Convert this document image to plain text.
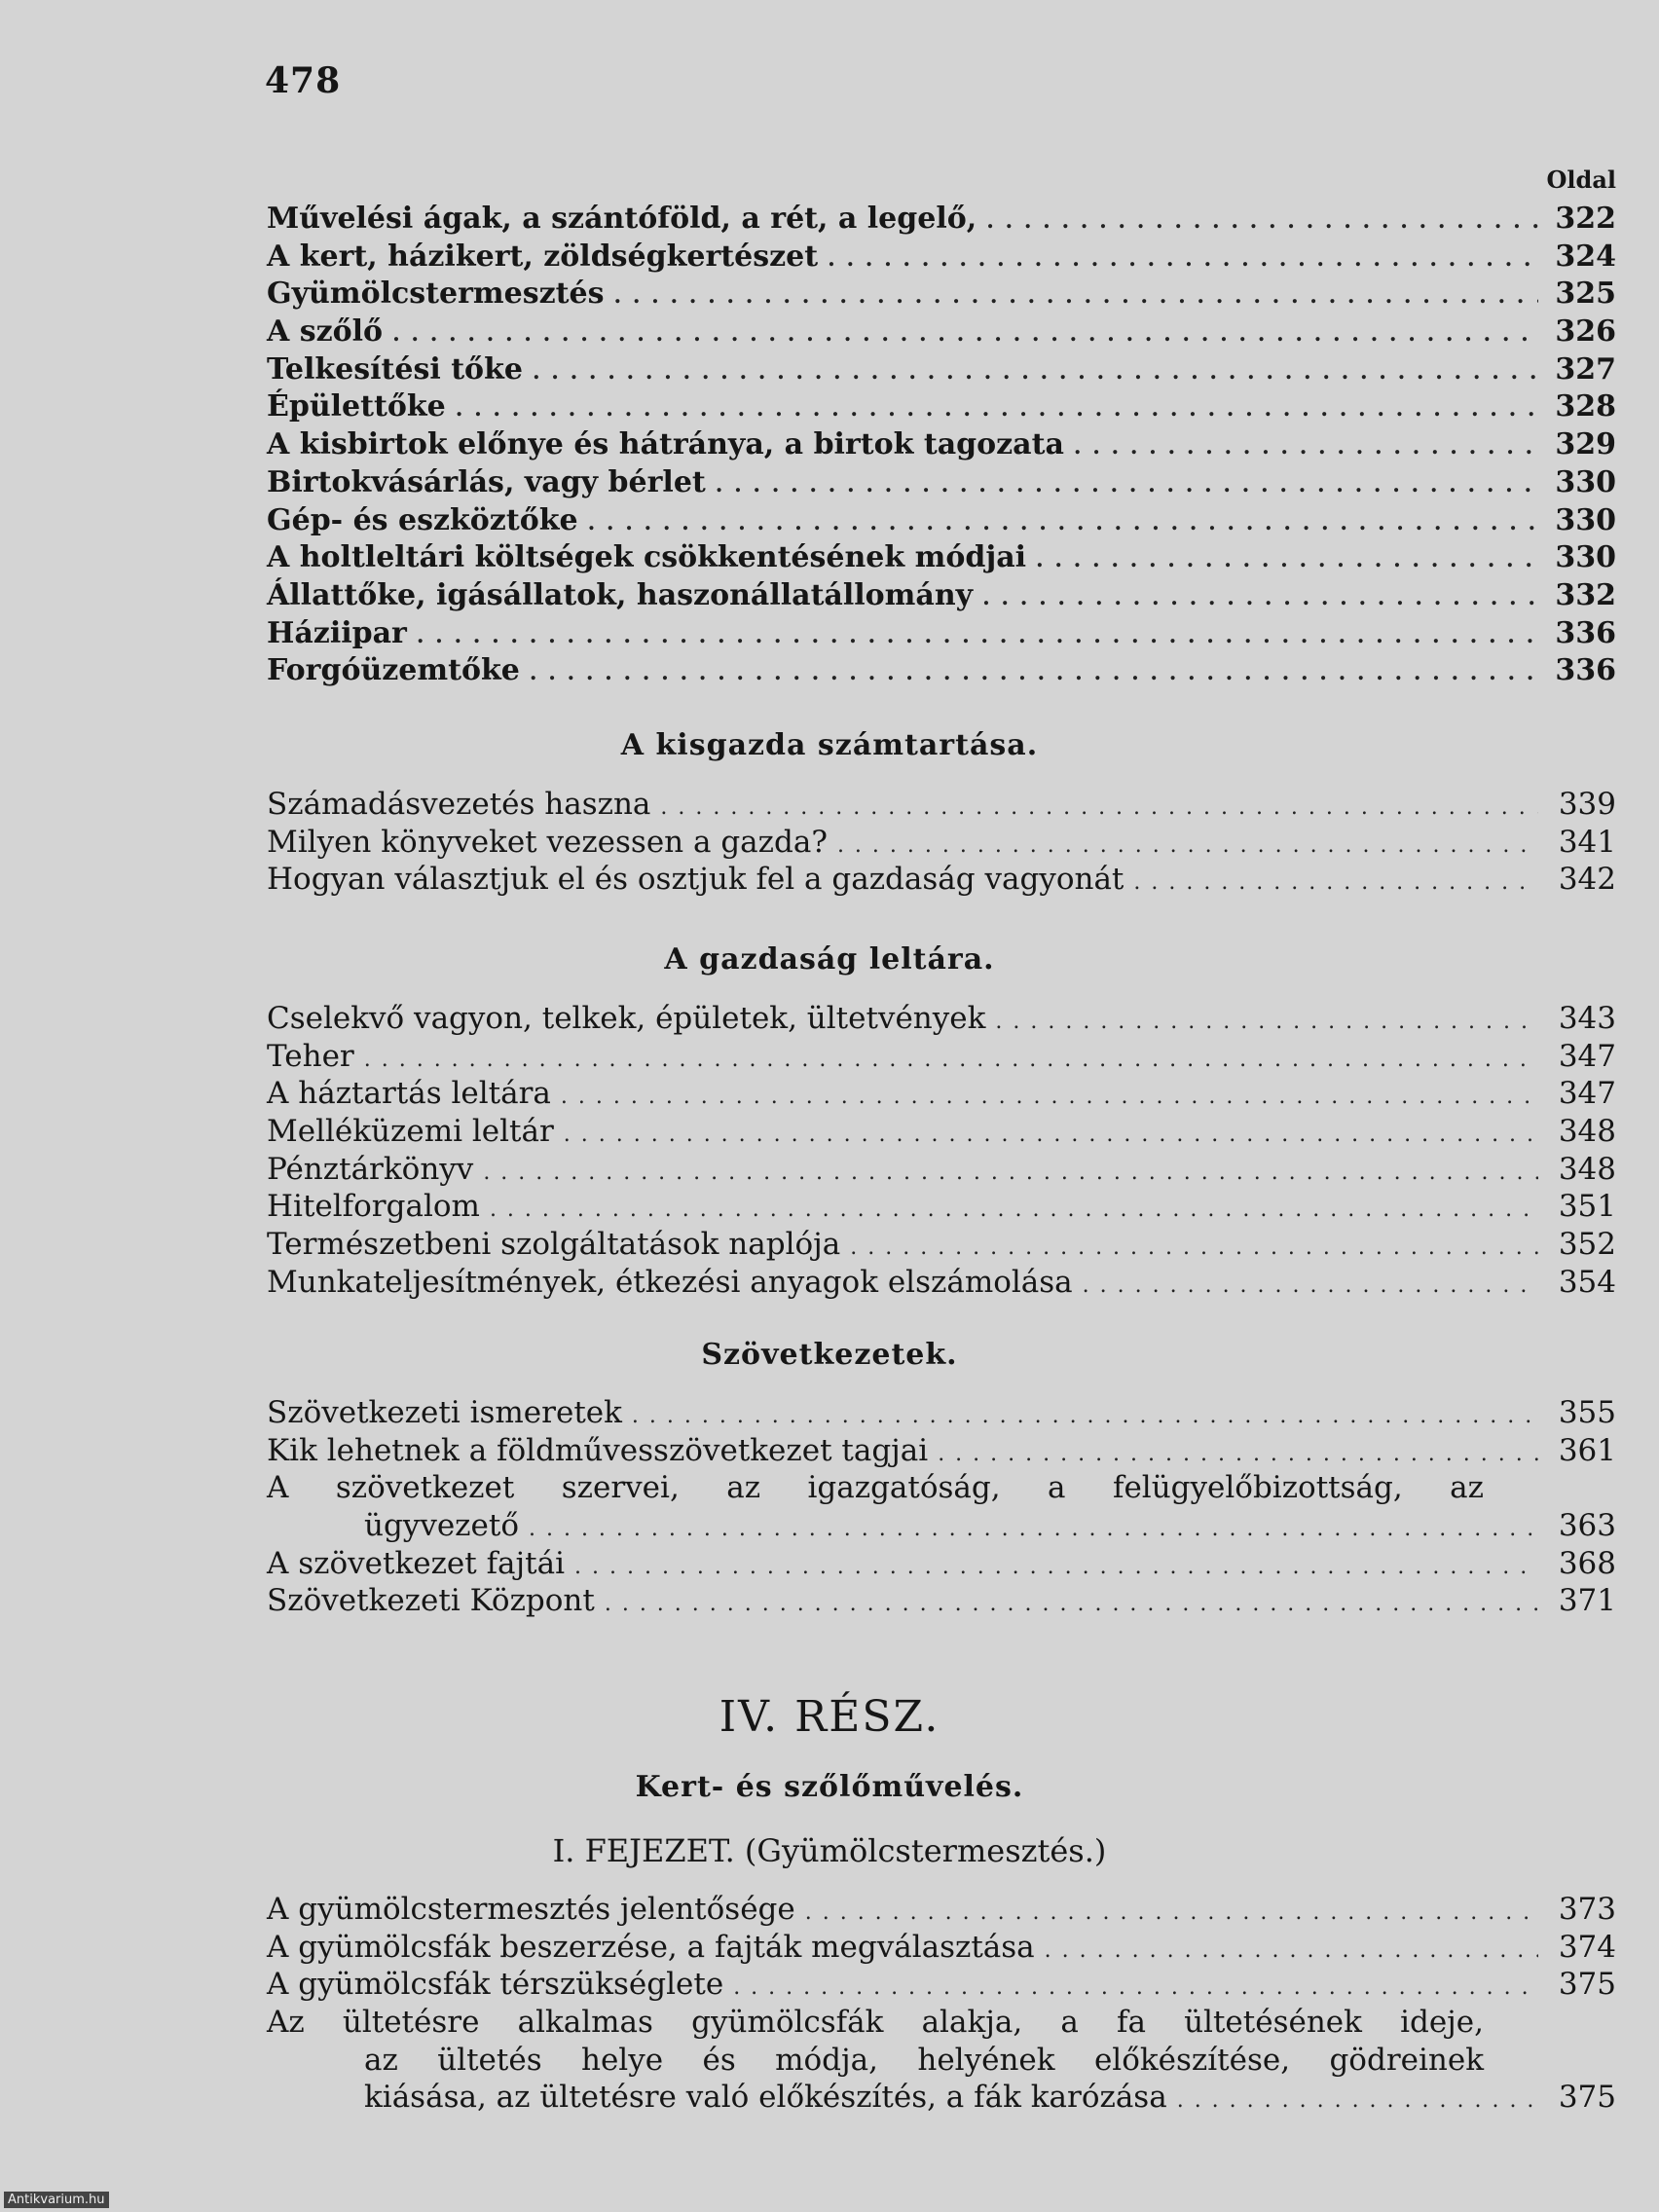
478
Oldal
Művelési ágak, a szántóföld, a rét, a legelő, . . .	322
A kert, házikert, zöldségkertészet . . .	324
Gyümölcstermesztés . . .	325
A szőlő . . .	326
Telkesítési tőke . . .	327
Épülettőke . . .	328
A kisbirtok előnye és hátránya, a birtok tagozata . . .	329
Birtokvásárlás, vagy bérlet . . .	330
Gép- és eszköztőke . . .	330
A holtleltári költségek csökkentésének módjai . . .	330
Állattőke, igásállatok, haszonállatállomány . . .	332
Háziipar . . .	336
Forgóüzemtőke . . .	336
A kisgazda számtartása.
Számadásvezetés haszna . . .	339
Milyen könyveket vezessen a gazda? . . .	341
Hogyan választjuk el és osztjuk fel a gazdaság vagyonát . . .	342
A gazdaság leltára.
Cselekvő vagyon, telkek, épületek, ültetvények . . .	343
Teher . . .	347
A háztartás leltára . . .	347
Melléküzemi leltár . . .	348
Pénztárkönyv . . .	348
Hitelforgalom . . .	351
Természetbeni szolgáltatások naplója . . .	352
Munkateljesítmények, étkezési anyagok elszámolása . . .	354
Szövetkezetek.
Szövetkezeti ismeretek . . .	355
Kik lehetnek a földművesszövetkezet tagjai . . .	361
A szövetkezet szervei, az igazgatóság, a felügyelőbizottság, az
ügyvezető . . .	363
A szövetkezet fajtái . . .	368
Szövetkezeti Központ . . .	371
IV. RÉSZ.
Kert- és szőlőművelés.
I. FEJEZET. (Gyümölcstermesztés.)
A gyümölcstermesztés jelentősége . . .	373
A gyümölcsfák beszerzése, a fajták megválasztása . . .	374
A gyümölcsfák térszükséglete . . .	375
Az ültetésre alkalmas gyümölcsfák alakja, a fa ültetésének ideje,
az ültetés helye és módja, helyének előkészítése, gödreinek
kiásása, az ültetésre való előkészítés, a fák karózása . . .	375
Antikvarium.hu
